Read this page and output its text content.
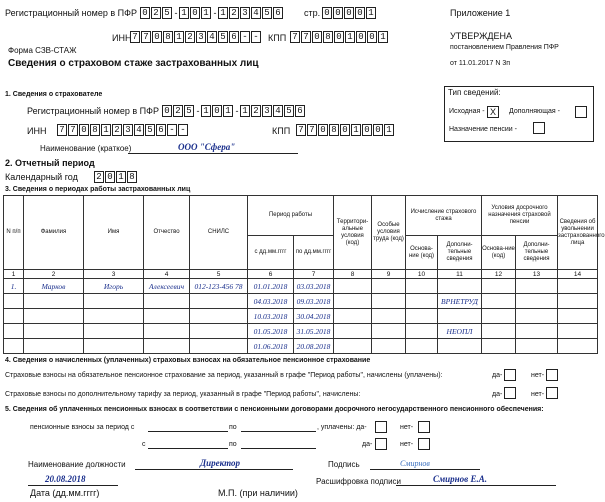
Регистрационный номер в ПФР 0 2 5 - 1 0 1 - 1 2 3 4 5 6	стр. 0 0 0 0 1	Приложение 1
ИНН 7 7 0 8 1 2 3 4 5 6 - - КПП 7 7 0 8 0 1 0 0 1	УТВЕРЖДЕНА
постановлением Правления ПФР
от 11.01.2017 N 3п
Форма СЗВ-СТАЖ
Сведения о страховом стаже застрахованных лиц
1. Сведения о страхователе
Регистрационный номер в ПФР 0 2 5 - 1 0 1 - 1 2 3 4 5 6
ИНН 7 7 0 8 1 2 3 4 5 6 - -	КПП 7 7 0 8 0 1 0 0 1
Наименование (краткое)	ООО "Сфера"
Тип сведений:
Исходная - X	Дополняющая -
Назначение пенсии -
2. Отчетный период
Календарный год 2 0 1 8
3. Сведения о периодах работы застрахованных лиц
N п/п	Фамилия	Имя	Отчество	СНИЛС	Период работы		Территори-альные условия (код)	Особые условия труда (код)	Исчисление страхового стажа		Условия досрочного назначения страховой пенсии		Сведения об увольнении застрахованного лица
					с дд.мм.гггг	по дд.мм.гггг			Основа-ние (код)	Дополни-тельные сведения	Основа-ние (код)	Дополни-тельные сведения	
1	2	3	4	5	6	7	8	9	10	11	12	13	14
1.	Марков	Игорь	Алексеевич	012-123-456 78	01.01.2018	03.03.2018							
					04.03.2018	09.03.2018				ВРНЕТРУД			
					10.03.2018	30.04.2018							
					01.05.2018	31.05.2018				НЕОПЛ			
					01.06.2018	20.08.2018							
4. Сведения о начисленных (уплаченных) страховых взносах на обязательное пенсионное страхование
Страховые взносы на обязательное пенсионное страхование за период, указанный в графе "Период работы", начислены (уплачены):	да-	нет-
Страховые взносы по дополнительному тарифу за период, указанный в графе "Период работы", начислены:	да-	нет-
5. Сведения об уплаченных пенсионных взносах в соответствии с пенсионными договорами досрочного негосударственного пенсионного обеспечения:
пенсионные взносы за период с	по	, уплачены: да-	нет-
с	по	да-	нет-
Наименование должности	Директор	Подпись	Смирнов
20.08.2018
Дата (дд.мм.гггг)	М.П. (при наличии)
Расшифровка подписи	Смирнов Е.А.
